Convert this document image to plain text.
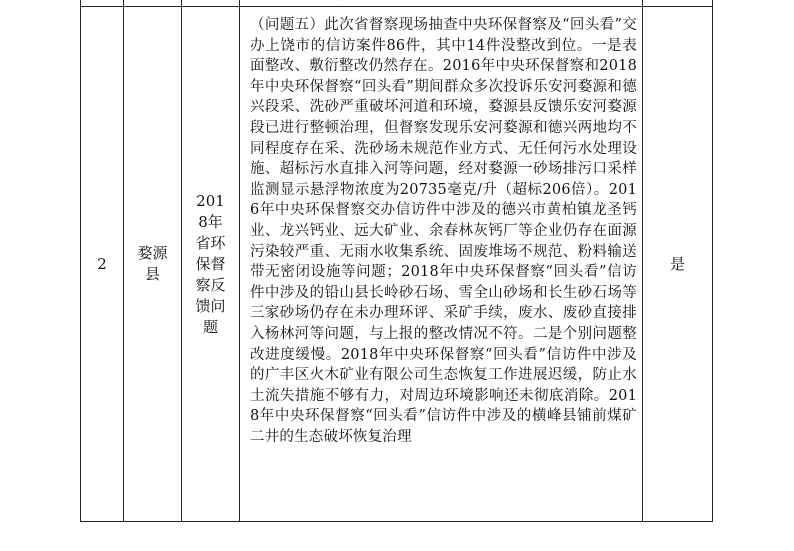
2	婺源县	2018年省环保督察反馈问题	（问题五）此次省督察现场抽查中央环保督察及“回头看”交办上饶市的信访案件86件，其中14件没整改到位。一是表面整改、敷衍整改仍然存在。2016年中央环保督察和2018年中央环保督察“回头看”期间群众多次投诉乐安河婺源和德兴段采、洗砂严重破坏河道和环境，婺源县反馈乐安河婺源段已进行整顿治理，但督察发现乐安河婺源和德兴两地均不同程度存在采、洗砂场未规范作业方式、无任何污水处理设施、超标污水直排入河等问题，经对婺源一砂场排污口采样监测显示悬浮物浓度为20735毫克/升（超标206倍）。2016年中央环保督察交办信访件中涉及的德兴市黄柏镇龙圣钙业、龙兴钙业、远大矿业、余春林灰钙厂等企业仍存在面源污染较严重、无雨水收集系统、固废堆场不规范、粉料输送带无密闭设施等问题；2018年中央环保督察“回头看”信访件中涉及的铅山县长岭砂石场、雪全山砂场和长生砂石场等三家砂场仍存在未办理环评、采矿手续，废水、废砂直接排入杨林河等问题，与上报的整改情况不符。二是个别问题整改进度缓慢。2018年中央环保督察“回头看”信访件中涉及的广丰区火木矿业有限公司生态恢复工作进展迟缓，防止水土流失措施不够有力，对周边环境影响还未彻底消除。2018年中央环保督察“回头看”信访件中涉及的横峰县铺前煤矿二井的生态破坏恢复治理	是
